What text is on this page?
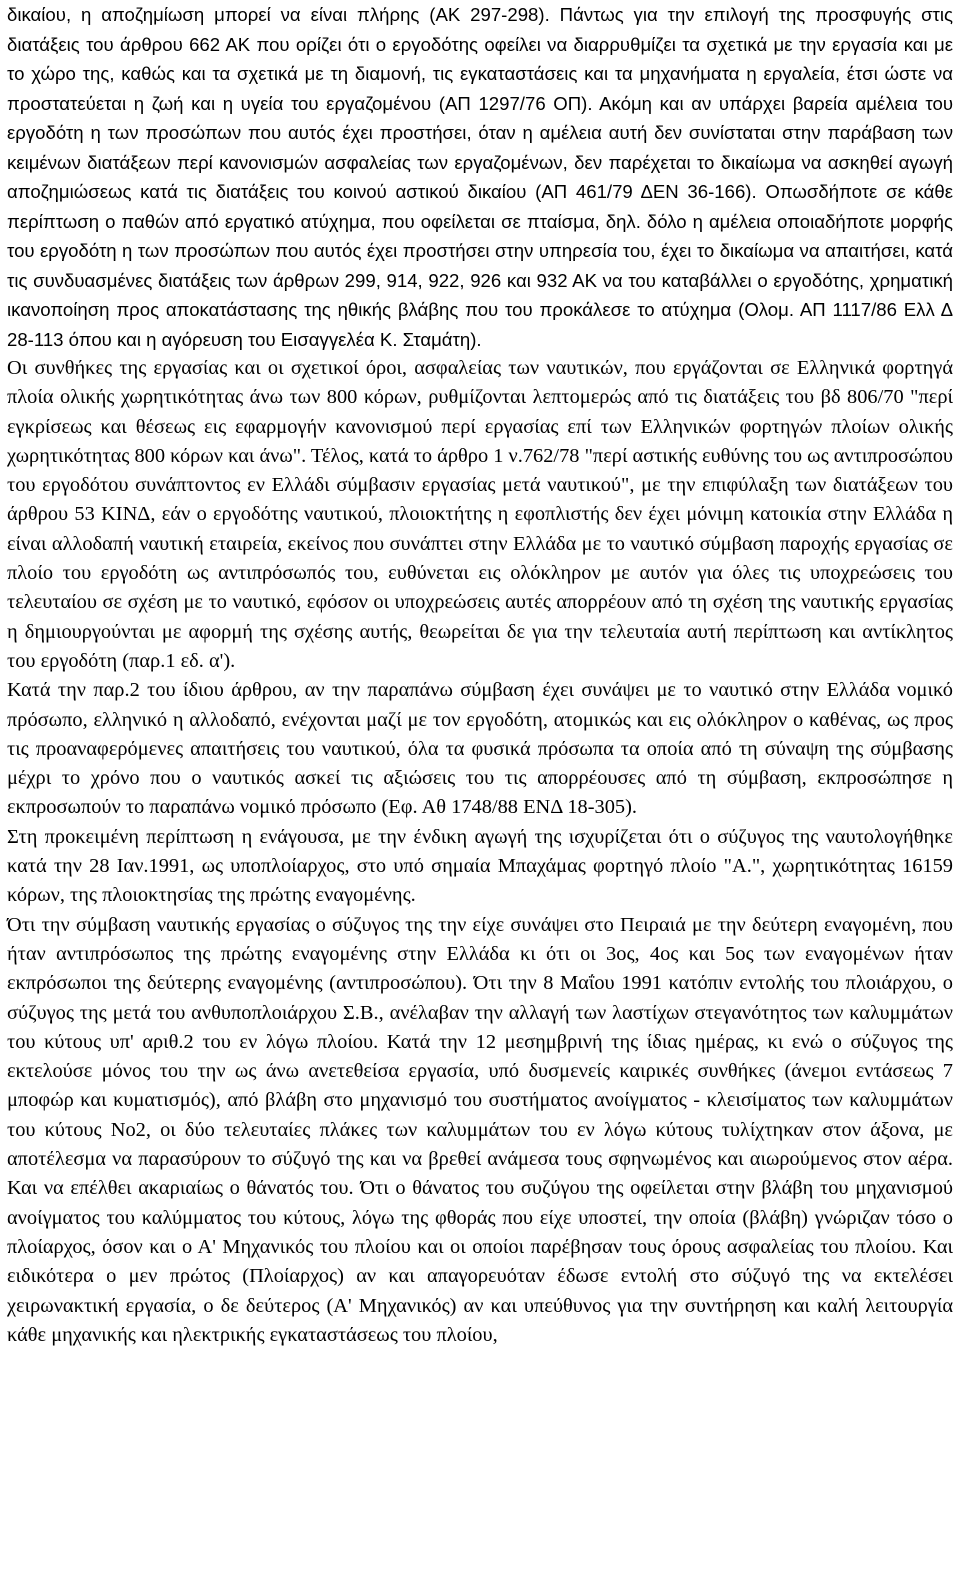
δικαίου, η αποζημίωση μπορεί να είναι πλήρης (ΑΚ 297-298). Πάντως για την επιλογή της προσφυγής στις διατάξεις του άρθρου 662 ΑΚ που ορίζει ότι ο εργοδότης οφείλει να διαρρυθμίζει τα σχετικά με την εργασία και με το χώρο της, καθώς και τα σχετικά με τη διαμονή, τις εγκαταστάσεις και τα μηχανήματα η εργαλεία, έτσι ώστε να προστατεύεται η ζωή και η υγεία του εργαζομένου (ΑΠ 1297/76 ΟΠ). Ακόμη και αν υπάρχει βαρεία αμέλεια του εργοδότη η των προσώπων που αυτός έχει προστήσει, όταν η αμέλεια αυτή δεν συνίσταται στην παράβαση των κειμένων διατάξεων περί κανονισμών ασφαλείας των εργαζομένων, δεν παρέχεται το δικαίωμα να ασκηθεί αγωγή αποζημιώσεως κατά τις διατάξεις του κοινού αστικού δικαίου (ΑΠ 461/79 ΔΕΝ 36-166). Οπωσδήποτε σε κάθε περίπτωση ο παθών από εργατικό ατύχημα, που οφείλεται σε πταίσμα, δηλ. δόλο η αμέλεια οποιαδήποτε μορφής του εργοδότη η των προσώπων που αυτός έχει προστήσει στην υπηρεσία του, έχει το δικαίωμα να απαιτήσει, κατά τις συνδυασμένες διατάξεις των άρθρων 299, 914, 922, 926 και 932 ΑΚ να του καταβάλλει ο εργοδότης, χρηματική ικανοποίηση προς αποκατάστασης της ηθικής βλάβης που του προκάλεσε το ατύχημα (Ολομ. ΑΠ 1117/86 Ελλ Δ 28-113 όπου και η αγόρευση του Εισαγγελέα Κ. Σταμάτη).

Οι συνθήκες της εργασίας και οι σχετικοί όροι, ασφαλείας των ναυτικών, που εργάζονται σε Ελληνικά φορτηγά πλοία ολικής χωρητικότητας άνω των 800 κόρων, ρυθμίζονται λεπτομερώς από τις διατάξεις του βδ 806/70 "περί εγκρίσεως και θέσεως εις εφαρμογήν κανονισμού περί εργασίας επί των Ελληνικών φορτηγών πλοίων ολικής χωρητικότητας 800 κόρων και άνω". Τέλος, κατά το άρθρο 1 ν.762/78 "περί αστικής ευθύνης του ως αντιπροσώπου του εργοδότου συνάπτοντος εν Ελλάδι σύμβασιν εργασίας μετά ναυτικού", με την επιφύλαξη των διατάξεων του άρθρου 53 ΚΙΝΔ, εάν ο εργοδότης ναυτικού, πλοιοκτήτης η εφοπλιστής δεν έχει μόνιμη κατοικία στην Ελλάδα η είναι αλλοδαπή ναυτική εταιρεία, εκείνος που συνάπτει στην Ελλάδα με το ναυτικό σύμβαση παροχής εργασίας σε πλοίο του εργοδότη ως αντιπρόσωπός του, ευθύνεται εις ολόκληρον με αυτόν για όλες τις υποχρεώσεις του τελευταίου σε σχέση με το ναυτικό, εφόσον οι υποχρεώσεις αυτές απορρέουν από τη σχέση της ναυτικής εργασίας η δημιουργούνται με αφορμή της σχέσης αυτής, θεωρείται δε για την τελευταία αυτή περίπτωση και αντίκλητος του εργοδότη (παρ.1 εδ. α').

Κατά την παρ.2 του ίδιου άρθρου, αν την παραπάνω σύμβαση έχει συνάψει με το ναυτικό στην Ελλάδα νομικό πρόσωπο, ελληνικό η αλλοδαπό, ενέχονται μαζί με τον εργοδότη, ατομικώς και εις ολόκληρον ο καθένας, ως προς τις προαναφερόμενες απαιτήσεις του ναυτικού, όλα τα φυσικά πρόσωπα τα οποία από τη σύναψη της σύμβασης μέχρι το χρόνο που ο ναυτικός ασκεί τις αξιώσεις του τις απορρέουσες από τη σύμβαση, εκπροσώπησε η εκπροσωπούν το παραπάνω νομικό πρόσωπο (Εφ. Αθ 1748/88 ΕΝΔ 18-305).

Στη προκειμένη περίπτωση η ενάγουσα, με την ένδικη αγωγή της ισχυρίζεται ότι ο σύζυγος της ναυτολογήθηκε κατά την 28 Ιαν.1991, ως υποπλοίαρχος, στο υπό σημαία Μπαχάμας φορτηγό πλοίο "Α.", χωρητικότητας 16159 κόρων, της πλοιοκτησίας της πρώτης εναγομένης.

Ότι την σύμβαση ναυτικής εργασίας ο σύζυγος της την είχε συνάψει στο Πειραιά με την δεύτερη εναγομένη, που ήταν αντιπρόσωπος της πρώτης εναγομένης στην Ελλάδα κι ότι οι 3ος, 4ος και 5ος των εναγομένων ήταν εκπρόσωποι της δεύτερης εναγομένης (αντιπροσώπου). Ότι την 8 Μαΐου 1991 κατόπιν εντολής του πλοιάρχου, ο σύζυγος της μετά του ανθυποπλοιάρχου Σ.Β., ανέλαβαν την αλλαγή των λαστίχων στεγανότητος των καλυμμάτων του κύτους υπ' αριθ.2 του εν λόγω πλοίου. Κατά την 12 μεσημβρινή της ίδιας ημέρας, κι ενώ ο σύζυγος της εκτελούσε μόνος του την ως άνω ανετεθείσα εργασία, υπό δυσμενείς καιρικές συνθήκες (άνεμοι εντάσεως 7 μποφώρ και κυματισμός), από βλάβη στο μηχανισμό του συστήματος ανοίγματος - κλεισίματος των καλυμμάτων του κύτους Νο2, οι δύο τελευταίες πλάκες των καλυμμάτων του εν λόγω κύτους τυλίχτηκαν στον άξονα, με αποτέλεσμα να παρασύρουν το σύζυγό της και να βρεθεί ανάμεσα τους σφηνωμένος και αιωρούμενος στον αέρα. Και να επέλθει ακαριαίως ο θάνατός του. Ότι ο θάνατος του συζύγου της οφείλεται στην βλάβη του μηχανισμού ανοίγματος του καλύμματος του κύτους, λόγω της φθοράς που είχε υποστεί, την οποία (βλάβη) γνώριζαν τόσο ο πλοίαρχος, όσον και ο Α' Μηχανικός του πλοίου και οι οποίοι παρέβησαν τους όρους ασφαλείας του πλοίου. Και ειδικότερα ο μεν πρώτος (Πλοίαρχος) αν και απαγορευόταν έδωσε εντολή στο σύζυγό της να εκτελέσει χειρωνακτική εργασία, ο δε δεύτερος (Α' Μηχανικός) αν και υπεύθυνος για την συντήρηση και καλή λειτουργία κάθε μηχανικής και ηλεκτρικής εγκαταστάσεως του πλοίου,
